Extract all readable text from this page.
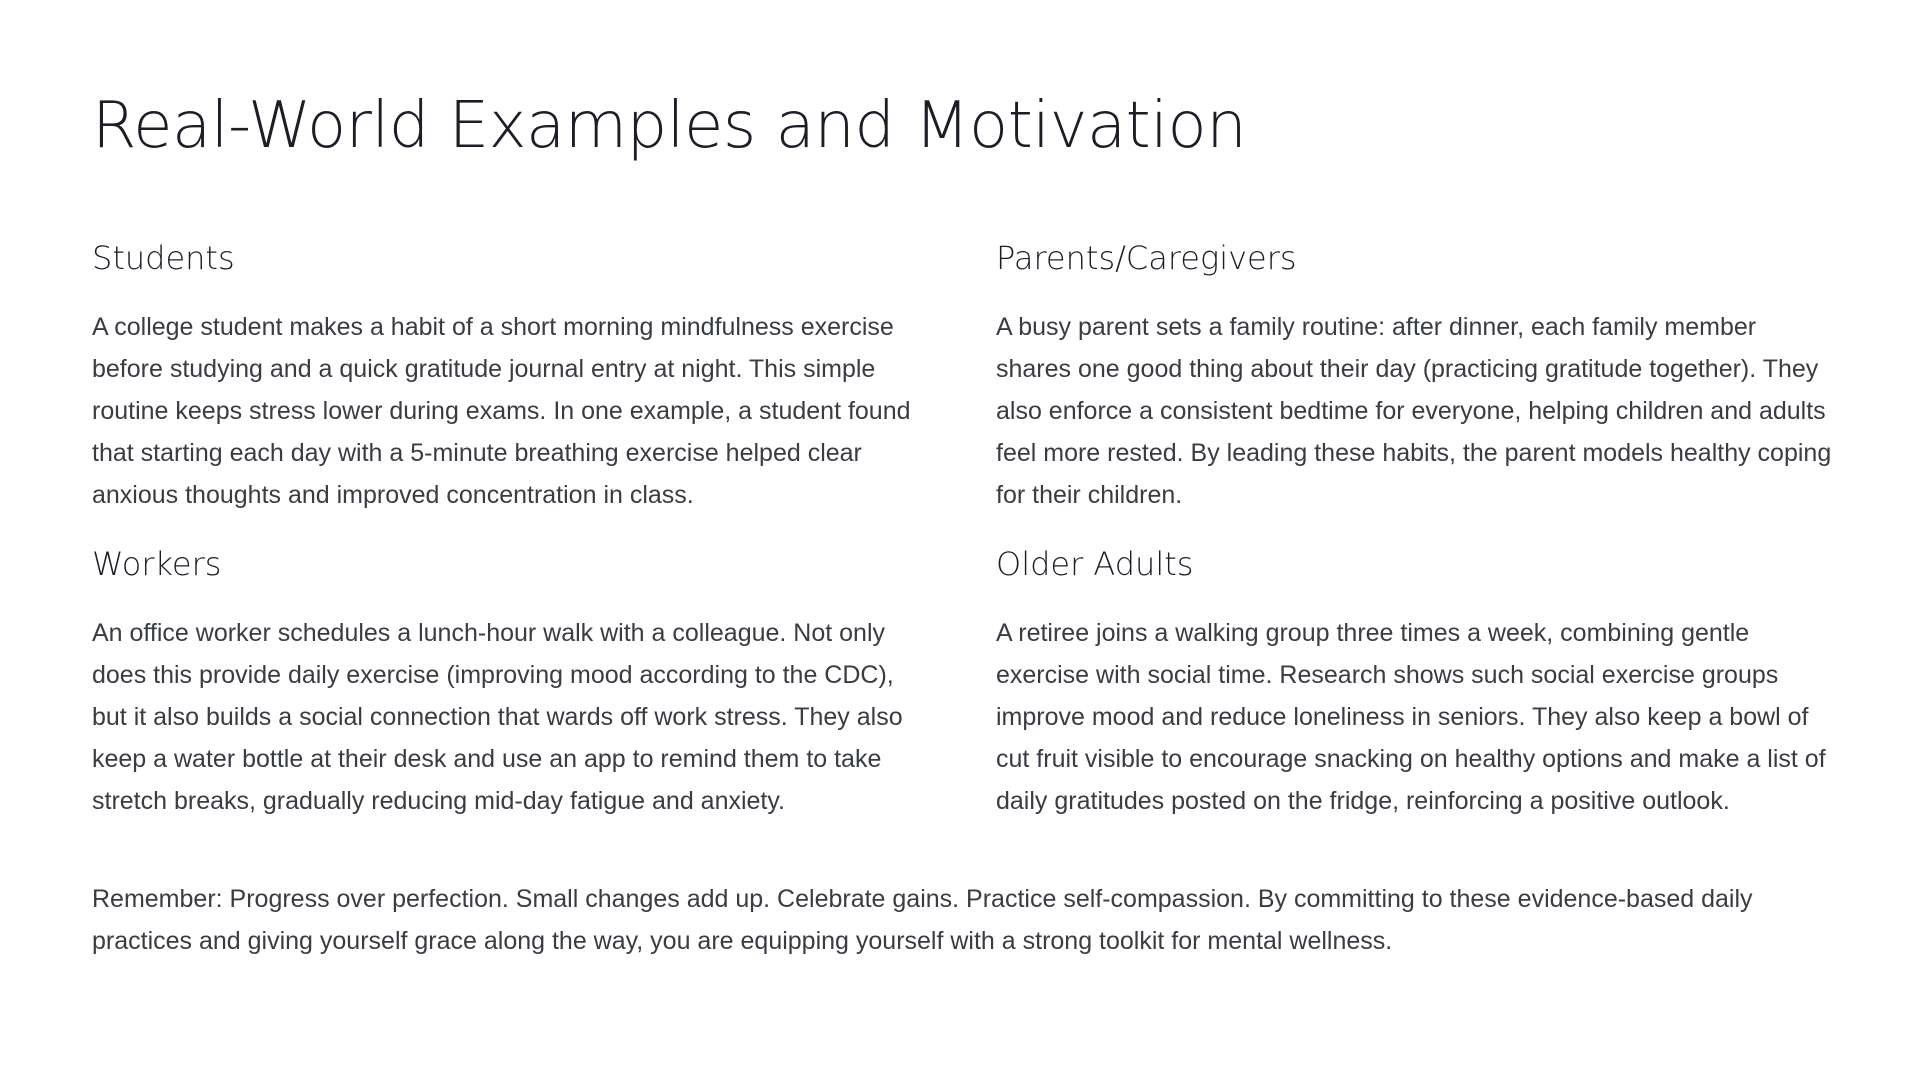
Real-World Examples and Motivation
Students

A college student makes a habit of a short morning mindfulness exercise before studying and a quick gratitude journal entry at night. This simple routine keeps stress lower during exams. In one example, a student found that starting each day with a 5-minute breathing exercise helped clear anxious thoughts and improved concentration in class.

Workers

An office worker schedules a lunch-hour walk with a colleague. Not only does this provide daily exercise (improving mood according to the CDC), but it also builds a social connection that wards off work stress. They also keep a water bottle at their desk and use an app to remind them to take stretch breaks, gradually reducing mid-day fatigue and anxiety.

Parents/Caregivers

A busy parent sets a family routine: after dinner, each family member shares one good thing about their day (practicing gratitude together). They also enforce a consistent bedtime for everyone, helping children and adults feel more rested. By leading these habits, the parent models healthy coping for their children.

Older Adults

A retiree joins a walking group three times a week, combining gentle exercise with social time. Research shows such social exercise groups improve mood and reduce loneliness in seniors. They also keep a bowl of cut fruit visible to encourage snacking on healthy options and make a list of daily gratitudes posted on the fridge, reinforcing a positive outlook.

Remember: Progress over perfection. Small changes add up. Celebrate gains. Practice self-compassion. By committing to these evidence-based daily practices and giving yourself grace along the way, you are equipping yourself with a strong toolkit for mental wellness.
